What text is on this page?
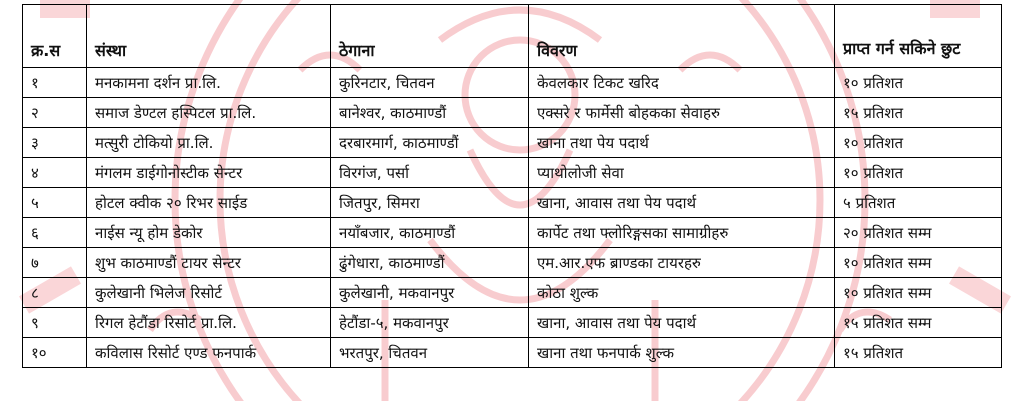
क्र.स	संस्था	ठेगाना	विवरण	प्राप्त गर्न सकिने छुट
१	मनकामना दर्शन प्रा.लि.	कुरिनटार, चितवन	केवलकार टिकट खरिद	१० प्रतिशत
२	समाज डेण्टल हस्पिटल प्रा.लि.	बानेश्वर, काठमाण्डौं	एक्सरे र फार्मेसी बोहकका सेवाहरु	१५ प्रतिशत
३	मत्सुरी टोकियो प्रा.लि.	दरबारमार्ग, काठमाण्डौं	खाना तथा पेय पदार्थ	१० प्रतिशत
४	मंगलम डाईगोनोस्टीक सेन्टर	विरगंज, पर्सा	प्याथोलोजी सेवा	१० प्रतिशत
५	होटल क्वीक २० रिभर साईड	जितपुर, सिमरा	खाना, आवास तथा पेय पदार्थ	५ प्रतिशत
६	नाईस न्यू होम डेकोर	नयाँबजार, काठमाण्डौं	कार्पेट तथा फ्लोरिङ्गसका सामाग्रीहरु	२० प्रतिशत सम्म
७	शुभ काठमाण्डौं टायर सेन्टर	ढुंगेधारा, काठमाण्डौं	एम.आर.एफ ब्राण्डका टायरहरु	१० प्रतिशत सम्म
८	कुलेखानी भिलेज रिसोर्ट	कुलेखानी, मकवानपुर	कोठा शुल्क	१० प्रतिशत सम्म
९	रिगल हेटौंडा रिसोर्ट प्रा.लि.	हेटौंडा-५, मकवानपुर	खाना, आवास तथा पेय पदार्थ	१५ प्रतिशत सम्म
१०	कविलास रिसोर्ट एण्ड फनपार्क	भरतपुर, चितवन	खाना तथा फनपार्क शुल्क	१५ प्रतिशत
